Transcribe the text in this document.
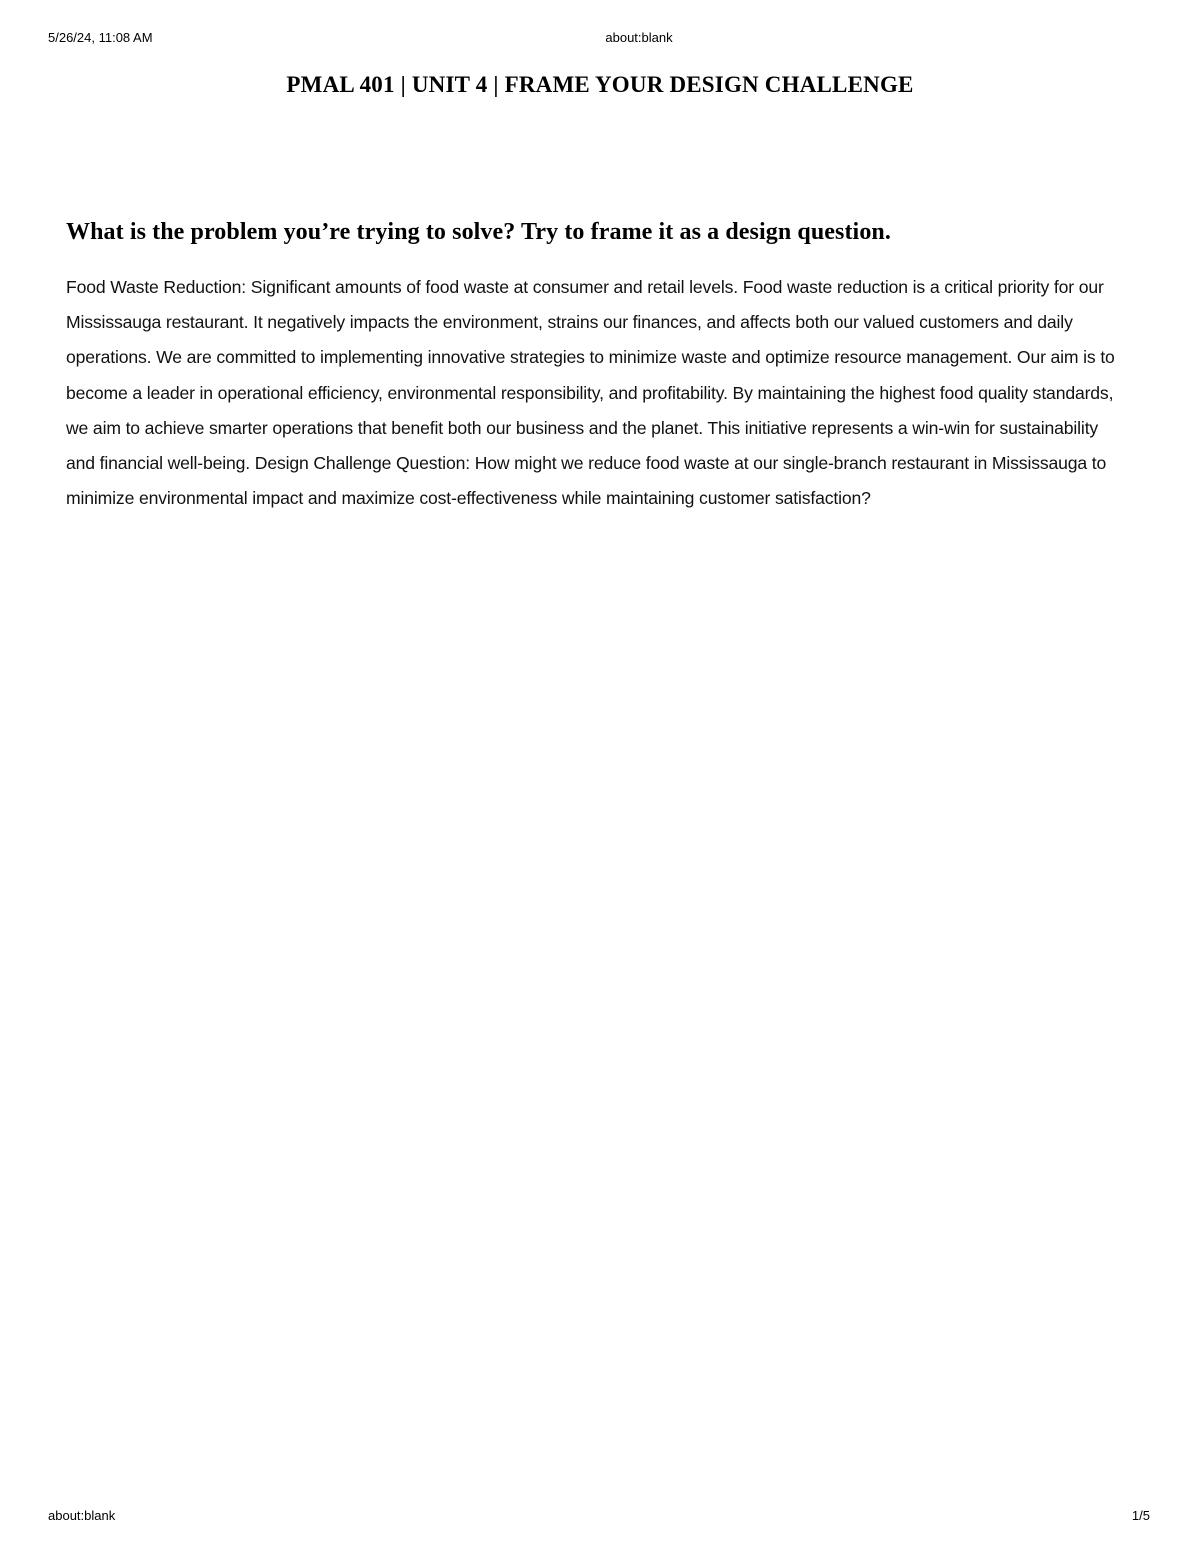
5/26/24, 11:08 AM	about:blank
PMAL 401 | UNIT 4 | FRAME YOUR DESIGN CHALLENGE
What is the problem you’re trying to solve? Try to frame it as a design question.

Food Waste Reduction: Significant amounts of food waste at consumer and retail levels. Food waste reduction is a critical priority for our Mississauga restaurant. It negatively impacts the environment, strains our finances, and affects both our valued customers and daily operations. We are committed to implementing innovative strategies to minimize waste and optimize resource management. Our aim is to become a leader in operational efficiency, environmental responsibility, and profitability. By maintaining the highest food quality standards, we aim to achieve smarter operations that benefit both our business and the planet. This initiative represents a win-win for sustainability and financial well-being. Design Challenge Question: How might we reduce food waste at our single-branch restaurant in Mississauga to minimize environmental impact and maximize cost-effectiveness while maintaining customer satisfaction?

about:blank	1/5
